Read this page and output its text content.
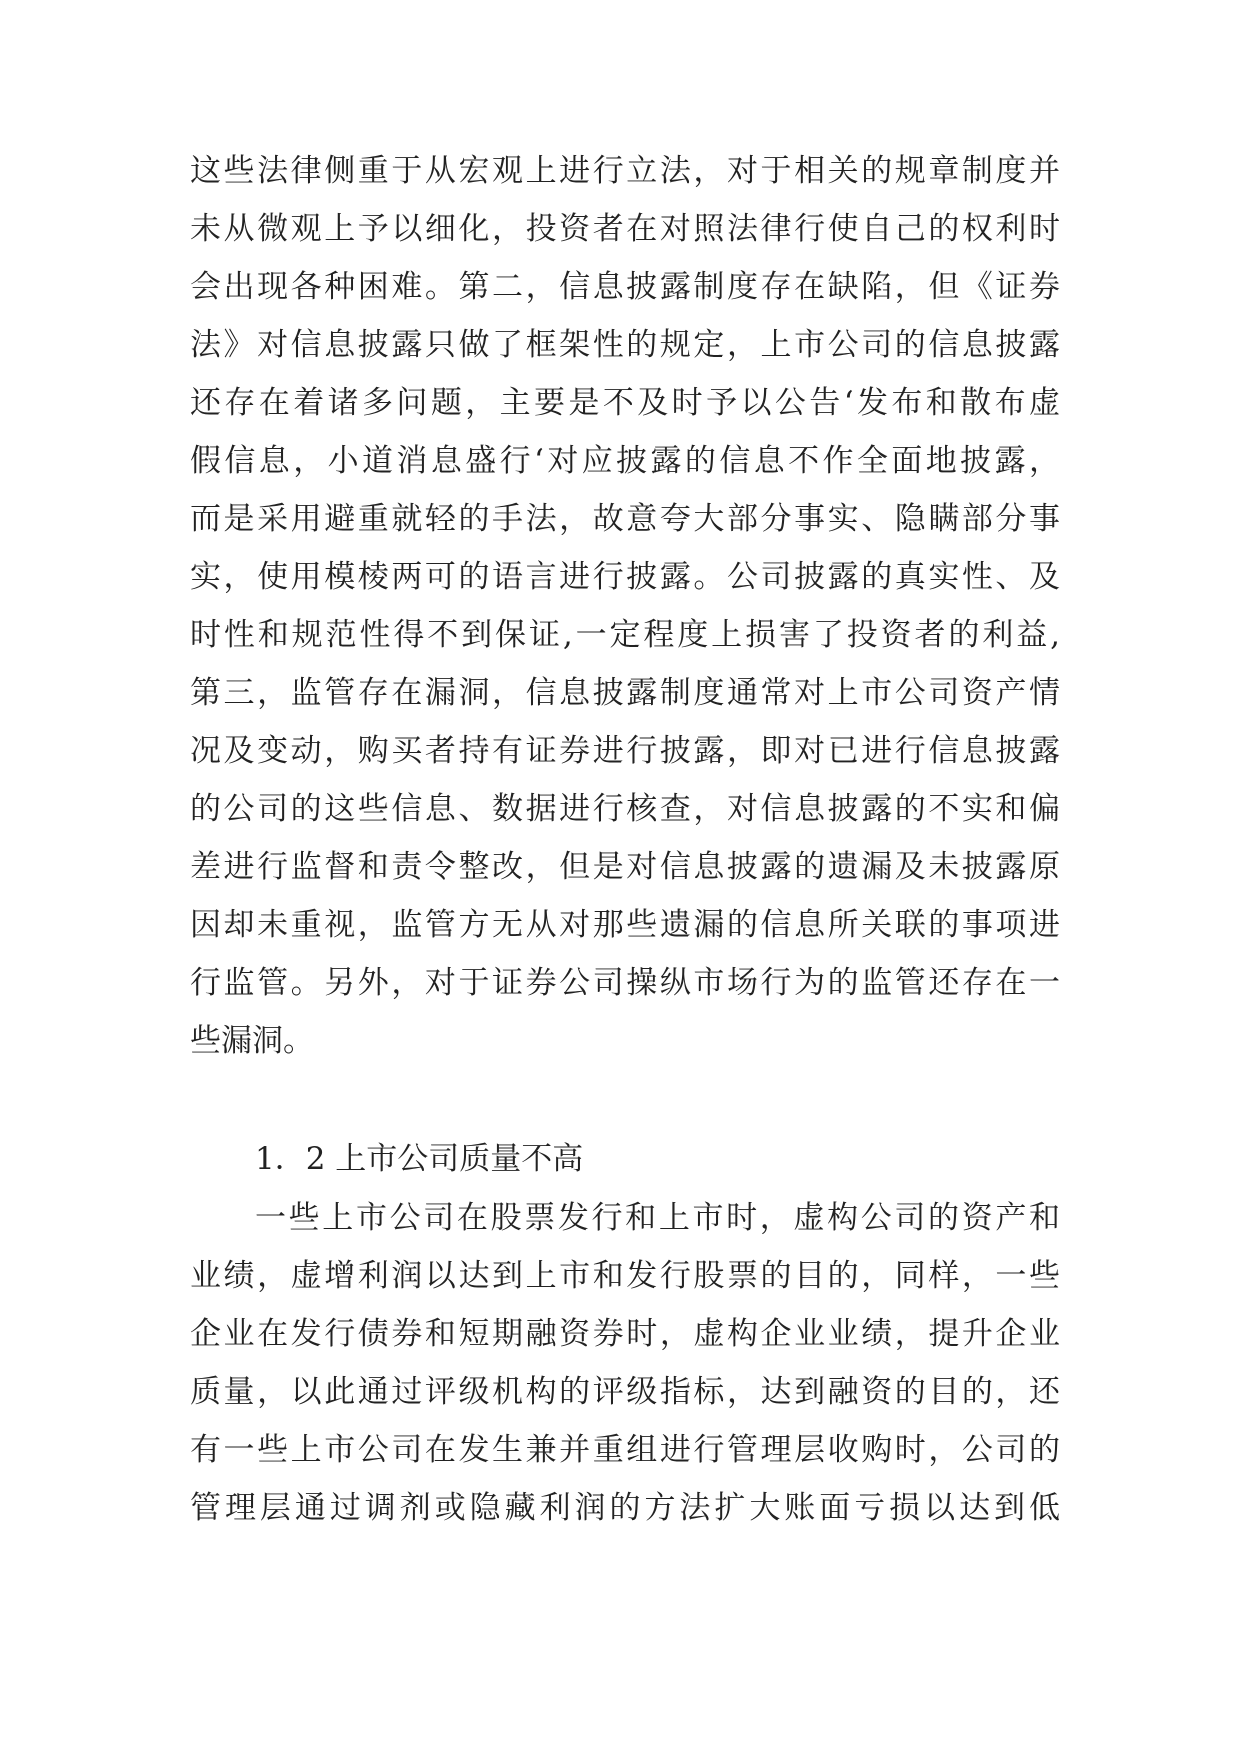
这些法律侧重于从宏观上进行立法，对于相关的规章制度并
未从微观上予以细化，投资者在对照法律行使自己的权利时
会出现各种困难。第二，信息披露制度存在缺陷，但《证券
法》对信息披露只做了框架性的规定，上市公司的信息披露
还存在着诸多问题，主要是不及时予以公告‘发布和散布虚
假信息，小道消息盛行‘对应披露的信息不作全面地披露，
而是采用避重就轻的手法，故意夸大部分事实、隐瞒部分事
实，使用模棱两可的语言进行披露。公司披露的真实性、及
时性和规范性得不到保证,一定程度上损害了投资者的利益,
第三，监管存在漏洞，信息披露制度通常对上市公司资产情
况及变动，购买者持有证券进行披露，即对已进行信息披露
的公司的这些信息、数据进行核查，对信息披露的不实和偏
差进行监督和责令整改，但是对信息披露的遗漏及未披露原
因却未重视，监管方无从对那些遗漏的信息所关联的事项进
行监管。另外，对于证券公司操纵市场行为的监管还存在一
些漏洞。
1．2 上市公司质量不高
一些上市公司在股票发行和上市时，虚构公司的资产和
业绩，虚增利润以达到上市和发行股票的目的，同样，一些
企业在发行债券和短期融资券时，虚构企业业绩，提升企业
质量，以此通过评级机构的评级指标，达到融资的目的，还
有一些上市公司在发生兼并重组进行管理层收购时，公司的
管理层通过调剂或隐藏利润的方法扩大账面亏损以达到低
